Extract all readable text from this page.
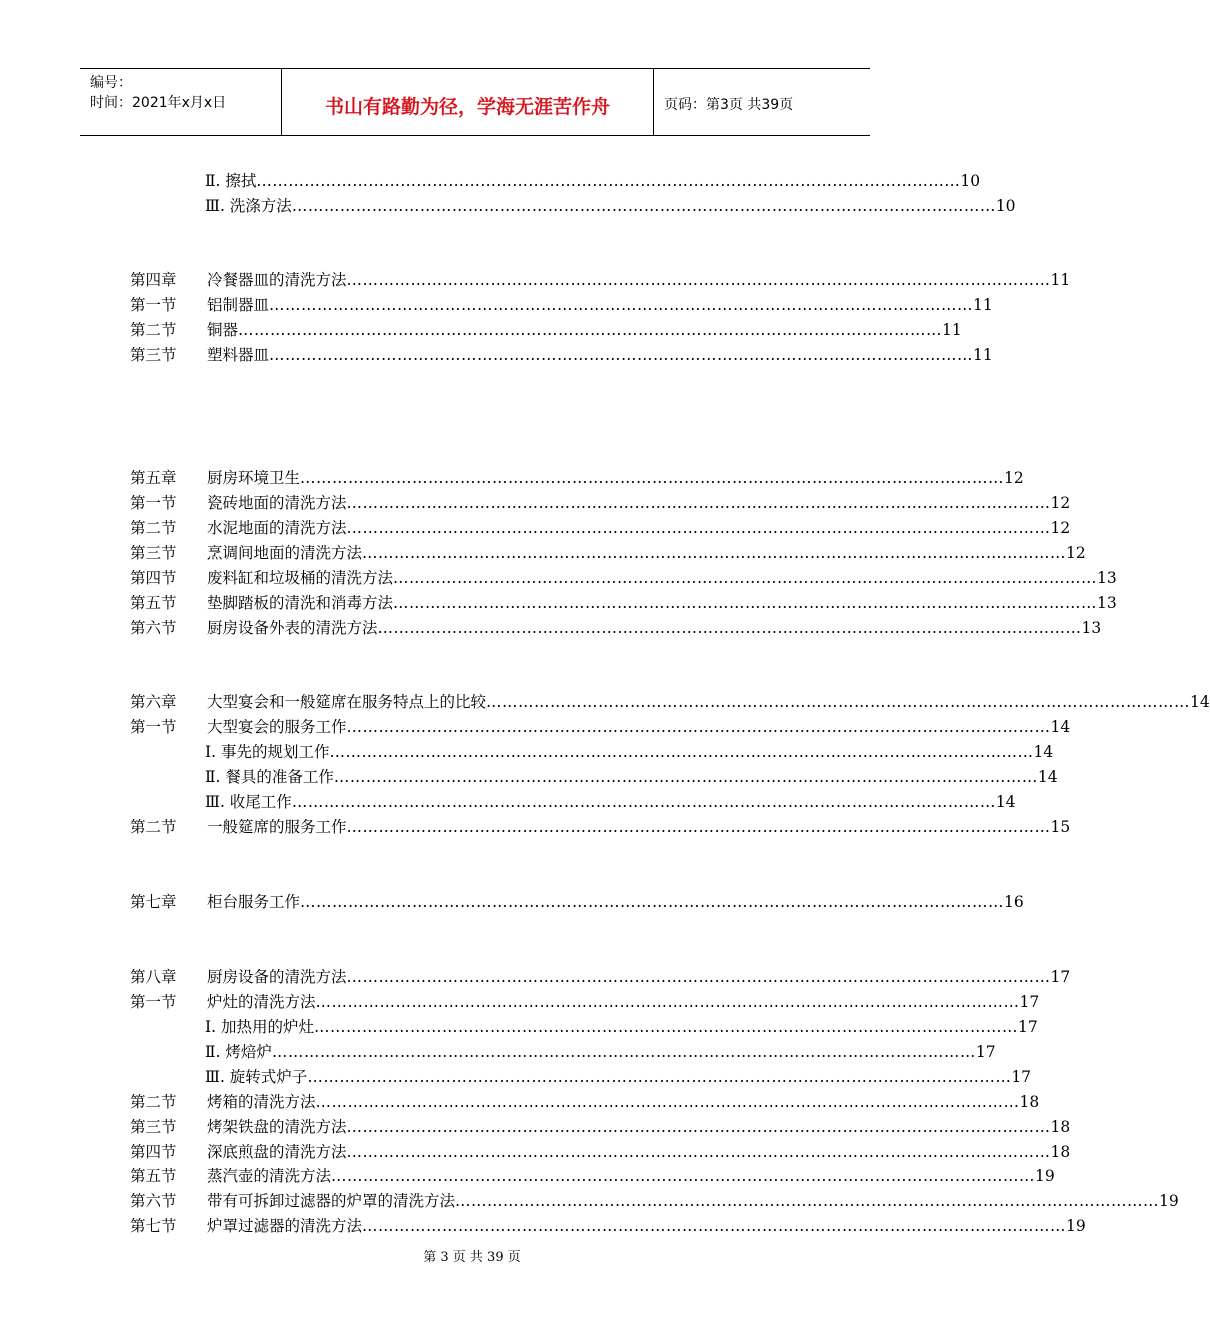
编号：
时间：2021年x月x日	书山有路勤为径，学海无涯苦作舟	页码：第3页 共39页
Ⅱ. 擦拭 …………………………………………………………………………………………………………………… 10
Ⅲ. 洗涤方法 …………………………………………………………………………………………………………………… 10
第四章 冷餐器皿的清洗方法 …………………………………………………………………………………………………………………… 11
第一节 铝制器皿 …………………………………………………………………………………………………………………… 11
第二节 铜器 …………………………………………………………………………………………………………………… 11
第三节 塑料器皿 …………………………………………………………………………………………………………………… 11
第五章 厨房环境卫生 …………………………………………………………………………………………………………………… 12
第一节 瓷砖地面的清洗方法 …………………………………………………………………………………………………………………… 12
第二节 水泥地面的清洗方法 …………………………………………………………………………………………………………………… 12
第三节 烹调间地面的清洗方法 …………………………………………………………………………………………………………………… 12
第四节 废料缸和垃圾桶的清洗方法 …………………………………………………………………………………………………………………… 13
第五节 垫脚踏板的清洗和消毒方法 …………………………………………………………………………………………………………………… 13
第六节 厨房设备外表的清洗方法 …………………………………………………………………………………………………………………… 13
第六章 大型宴会和一般筵席在服务特点上的比较 …………………………………………………………………………………………………………………… 14
第一节 大型宴会的服务工作 …………………………………………………………………………………………………………………… 14
Ⅰ. 事先的规划工作 …………………………………………………………………………………………………………………… 14
Ⅱ. 餐具的准备工作 …………………………………………………………………………………………………………………… 14
Ⅲ. 收尾工作 …………………………………………………………………………………………………………………… 14
第二节 一般筵席的服务工作 …………………………………………………………………………………………………………………… 15
第七章 柜台服务工作 …………………………………………………………………………………………………………………… 16
第八章 厨房设备的清洗方法 …………………………………………………………………………………………………………………… 17
第一节 炉灶的清洗方法 …………………………………………………………………………………………………………………… 17
Ⅰ. 加热用的炉灶 …………………………………………………………………………………………………………………… 17
Ⅱ. 烤焙炉 …………………………………………………………………………………………………………………… 17
Ⅲ. 旋转式炉子 …………………………………………………………………………………………………………………… 17
第二节 烤箱的清洗方法 …………………………………………………………………………………………………………………… 18
第三节 烤架铁盘的清洗方法 …………………………………………………………………………………………………………………… 18
第四节 深底煎盘的清洗方法 …………………………………………………………………………………………………………………… 18
第五节 蒸汽壶的清洗方法 …………………………………………………………………………………………………………………… 19
第六节 带有可拆卸过滤器的炉罩的清洗方法 …………………………………………………………………………………………………………………… 19
第七节 炉罩过滤器的清洗方法 …………………………………………………………………………………………………………………… 19
第 3 页 共 39 页
